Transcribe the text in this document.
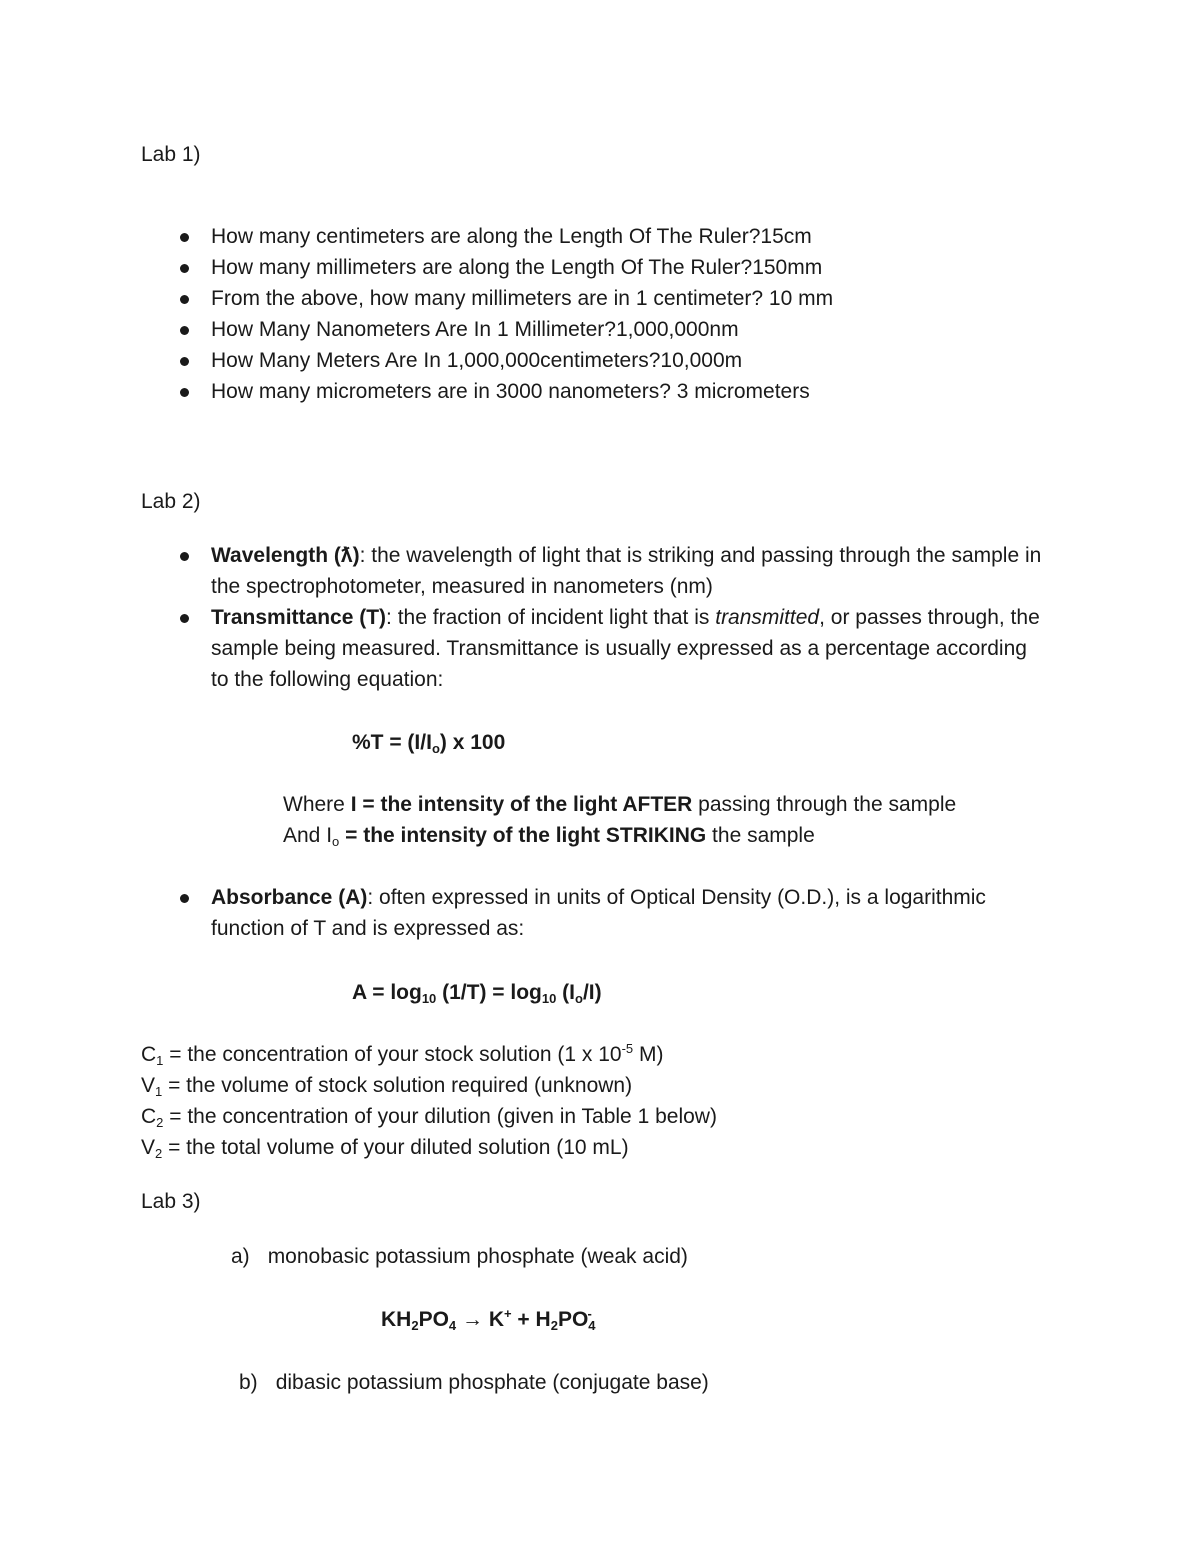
Lab 1)
How many centimeters are along the Length Of The Ruler?15cm
How many millimeters are along the Length Of The Ruler?150mm
From the above, how many millimeters are in 1 centimeter? 10 mm
How Many Nanometers Are In 1 Millimeter?1,000,000nm
How Many Meters Are In 1,000,000centimeters?10,000m
How many micrometers are in 3000 nanometers? 3 micrometers
Lab 2)
Wavelength (ƛ): the wavelength of light that is striking and passing through the sample in the spectrophotometer, measured in nanometers (nm)
Transmittance (T): the fraction of incident light that is transmitted, or passes through, the sample being measured. Transmittance is usually expressed as a percentage according to the following equation:
$\%T = (I/I_o)$ x 100
Where I = the intensity of the light AFTER passing through the sample
And $I_o$ = the intensity of the light STRIKING the sample
Absorbance (A): often expressed in units of Optical Density (O.D.), is a logarithmic function of T and is expressed as:
$A = \log_{10} (1/T) = \log_{10} (I_o/I)$
$C_1$ = the concentration of your stock solution (1 x $10^{-5}$ M)
$V_1$ = the volume of stock solution required (unknown)
$C_2$ = the concentration of your dilution (given in Table 1 below)
$V_2$ = the total volume of your diluted solution (10 mL)
Lab 3)
a) monobasic potassium phosphate (weak acid)
$KH_2PO_4 \to K^+ + H_2PO_4^-$
b) dibasic potassium phosphate (conjugate base)
